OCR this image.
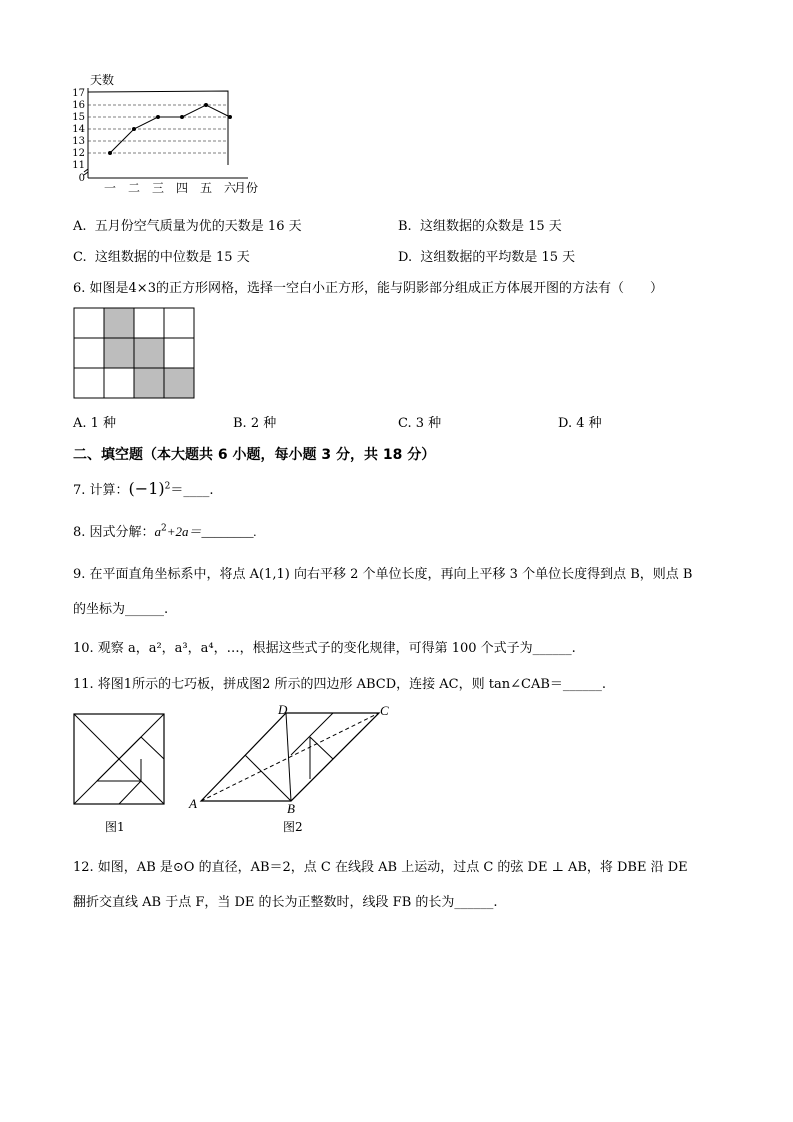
天数
月份
0
11
12
13
14
15
16
17
一 二 三 四 五 六
A. 五月份空气质量为优的天数是 16 天	B. 这组数据的众数是 15 天
C. 这组数据的中位数是 15 天	D. 这组数据的平均数是 15 天
6. 如图是4×3的正方形网格，选择一空白小正方形，能与阴影部分组成正方体展开图的方法有（　　）
A. 1 种	B. 2 种	C. 3 种	D. 4 种
二、填空题（本大题共 6 小题，每小题 3 分，共 18 分）
7. 计算：$(-1)^2=\_\_\_\_$.
8. 因式分解：$a^2+2a=\_\_\_\_\_\_\_\_$.
9. 在平面直角坐标系中，将点 A(1,1) 向右平移 2 个单位长度，再向上平移 3 个单位长度得到点 B，则点 B
的坐标为______.
10. 观察 a，a²，a³，a⁴，…，根据这些式子的变化规律，可得第 100 个式子为______.
11. 将图1所示的七巧板，拼成图2 所示的四边形 ABCD，连接 AC，则 tan∠CAB＝______.
图1
D	C
A	B
图2
12. 如图，AB 是⊙O 的直径，AB＝2，点 C 在线段 AB 上运动，过点 C 的弦 DE ⊥ AB，将 DBE 沿 DE
翻折交直线 AB 于点 F，当 DE 的长为正整数时，线段 FB 的长为______.
